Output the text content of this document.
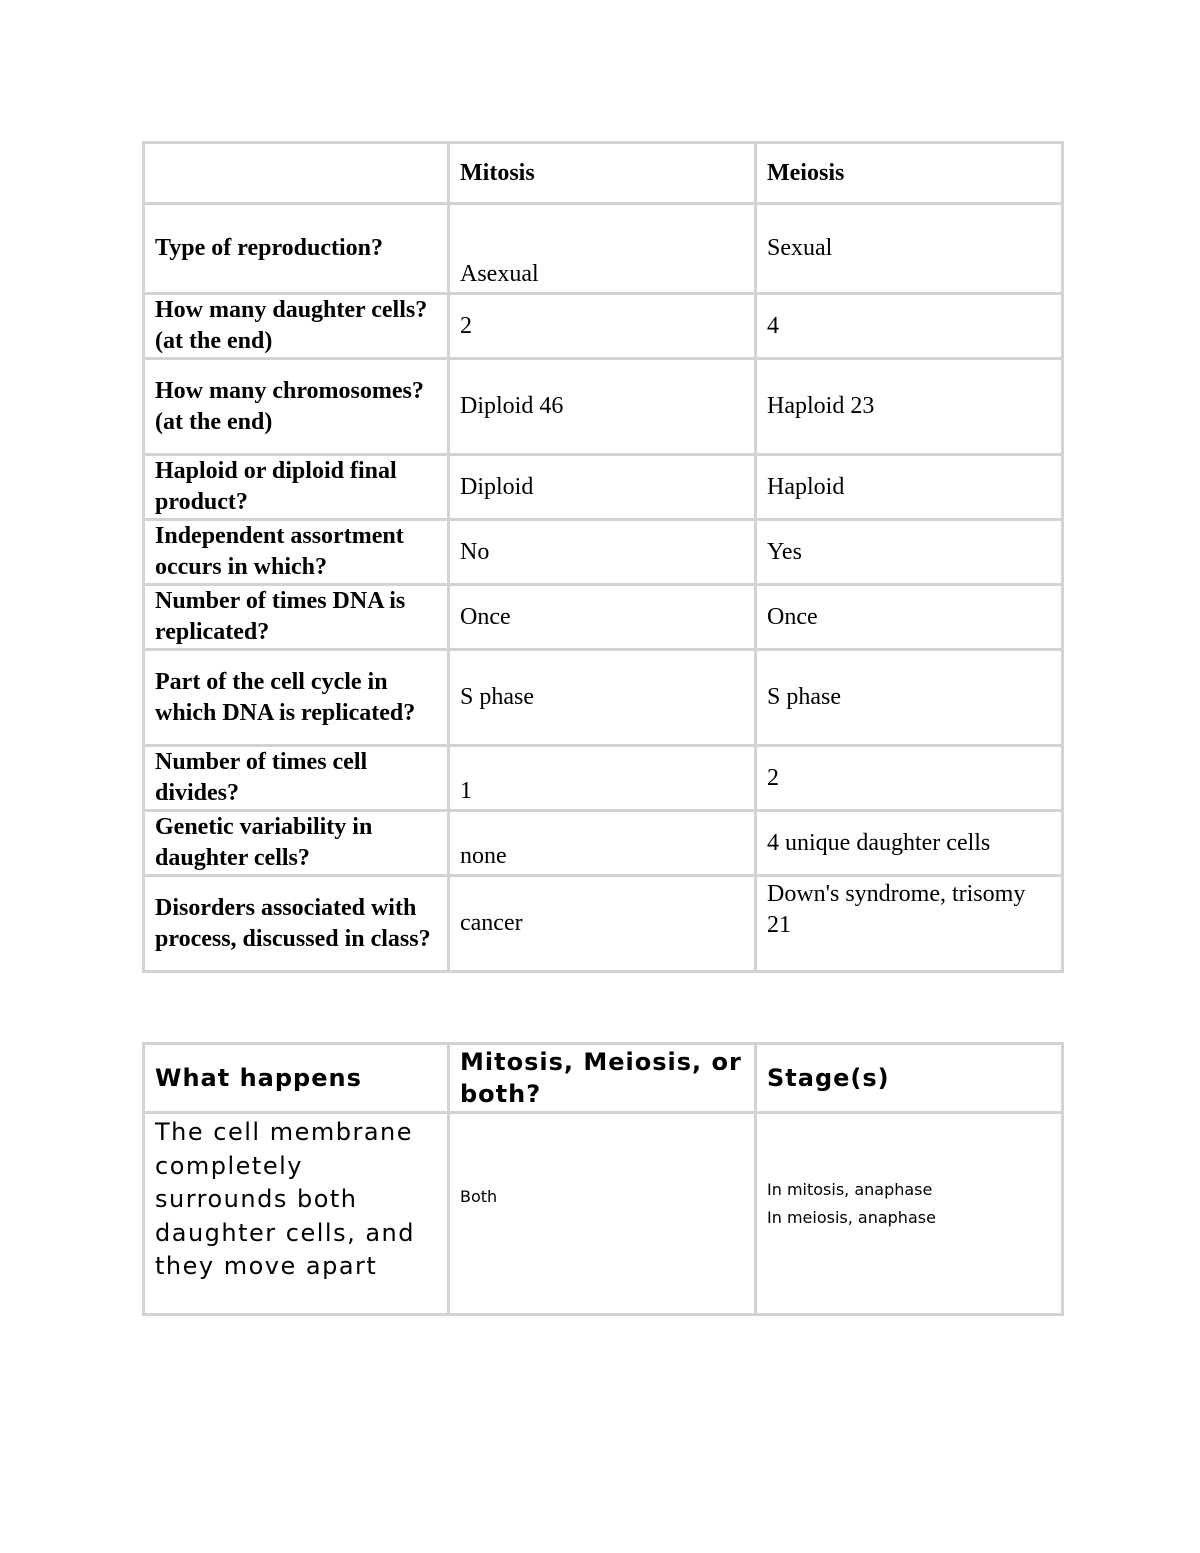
	Mitosis	Meiosis
Type of reproduction?	Asexual	Sexual
How many daughter cells? (at the end)	2	4
How many chromosomes? (at the end)	Diploid 46	Haploid 23
Haploid or diploid final product?	Diploid	Haploid
Independent assortment occurs in which?	No	Yes
Number of times DNA is replicated?	Once	Once
Part of the cell cycle in which DNA is replicated?	S phase	S phase
Number of times cell divides?	1	2
Genetic variability in daughter cells?	none	4 unique daughter cells
Disorders associated with process, discussed in class?	cancer	Down's syndrome, trisomy 21
What happens	Mitosis, Meiosis, or both?	Stage(s)
The cell membrane completely surrounds both daughter cells, and they move apart	Both	In mitosis, anaphase
In meiosis, anaphase
